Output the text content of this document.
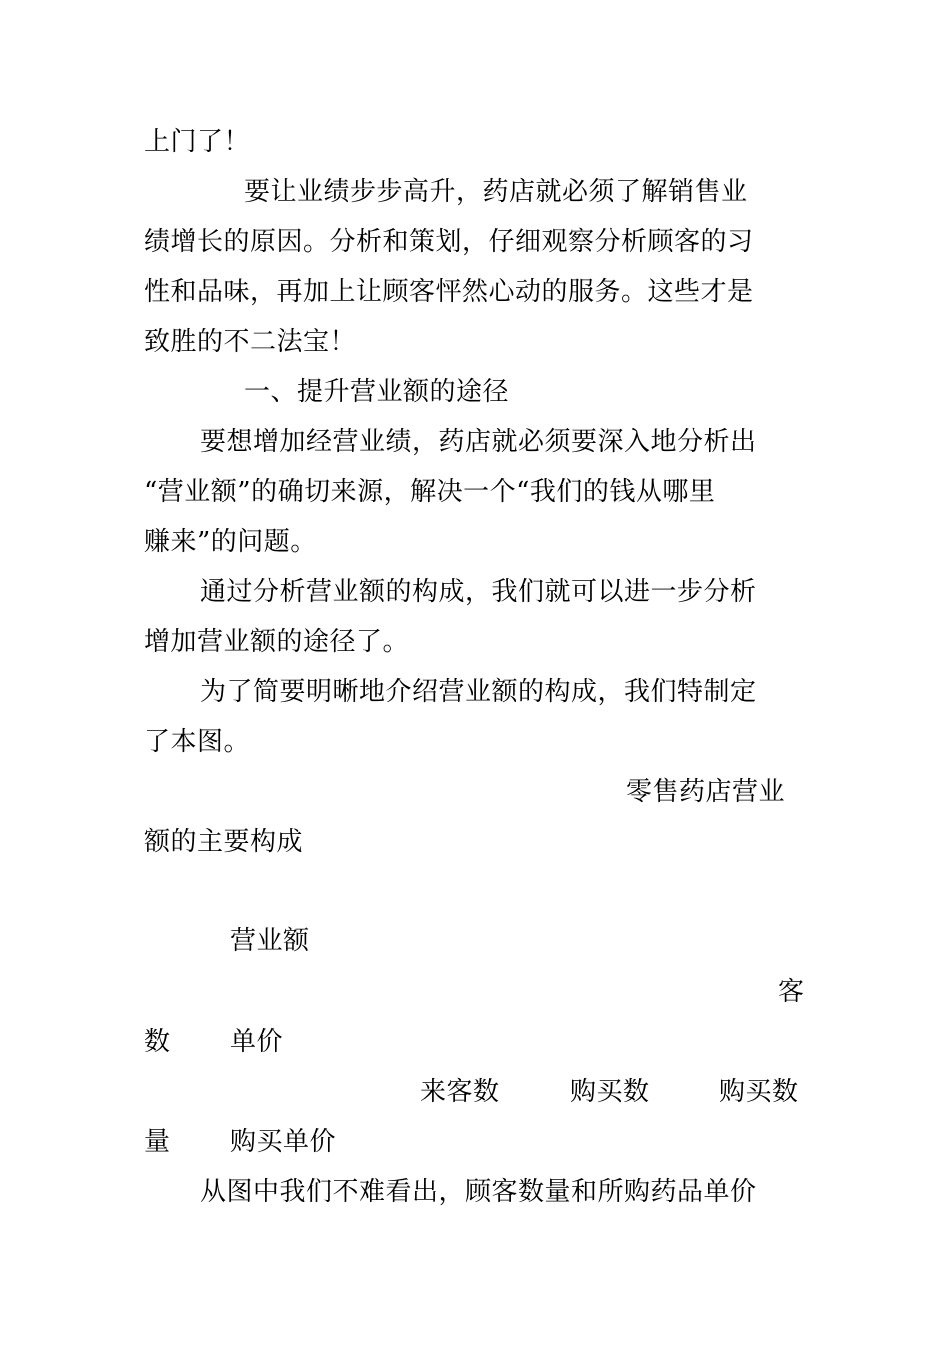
上门了！
要让业绩步步高升，药店就必须了解销售业
绩增长的原因。分析和策划，仔细观察分析顾客的习
性和品味，再加上让顾客怦然心动的服务。这些才是
致胜的不二法宝！
一、提升营业额的途径
要想增加经营业绩，药店就必须要深入地分析出
“营业额”的确切来源，解决一个“我们的钱从哪里
赚来”的问题。
通过分析营业额的构成，我们就可以进一步分析
增加营业额的途径了。
为了简要明晰地介绍营业额的构成，我们特制定
了本图。
零售药店营业
额的主要构成
营业额
客
数 单价
来客数	购买数	购买数
量 购买单价
从图中我们不难看出，顾客数量和所购药品单价
